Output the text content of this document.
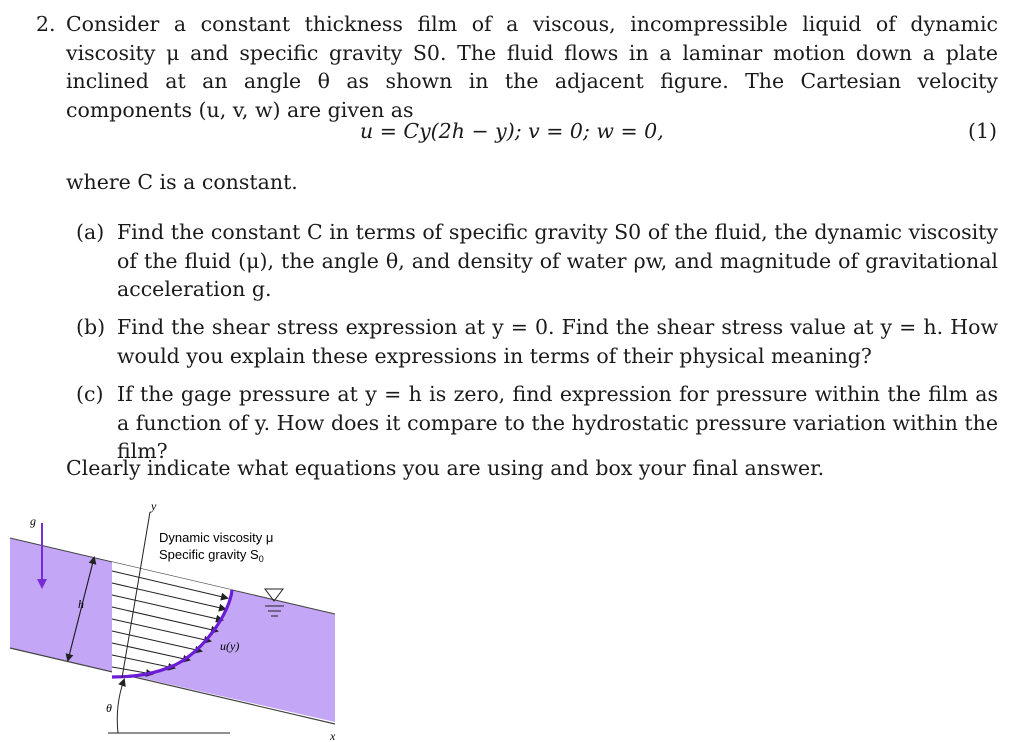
2. Consider a constant thickness film of a viscous, incompressible liquid of dynamic viscosity μ and specific gravity S0. The fluid flows in a laminar motion down a plate inclined at an angle θ as shown in the adjacent figure. The Cartesian velocity components (u, v, w) are given as
u = Cy(2h − y); v = 0; w = 0,	(1)
where C is a constant.
(a) Find the constant C in terms of specific gravity S0 of the fluid, the dynamic viscosity of the fluid (μ), the angle θ, and density of water ρw, and magnitude of gravitational acceleration g.
(b) Find the shear stress expression at y = 0. Find the shear stress value at y = h. How would you explain these expressions in terms of their physical meaning?
(c) If the gage pressure at y = h is zero, find expression for pressure within the film as a function of y. How does it compare to the hydrostatic pressure variation within the film?
Clearly indicate what equations you are using and box your final answer.
y
x
h
g
u(y)
θ
Dynamic viscosity μ
Specific gravity $S_0$
